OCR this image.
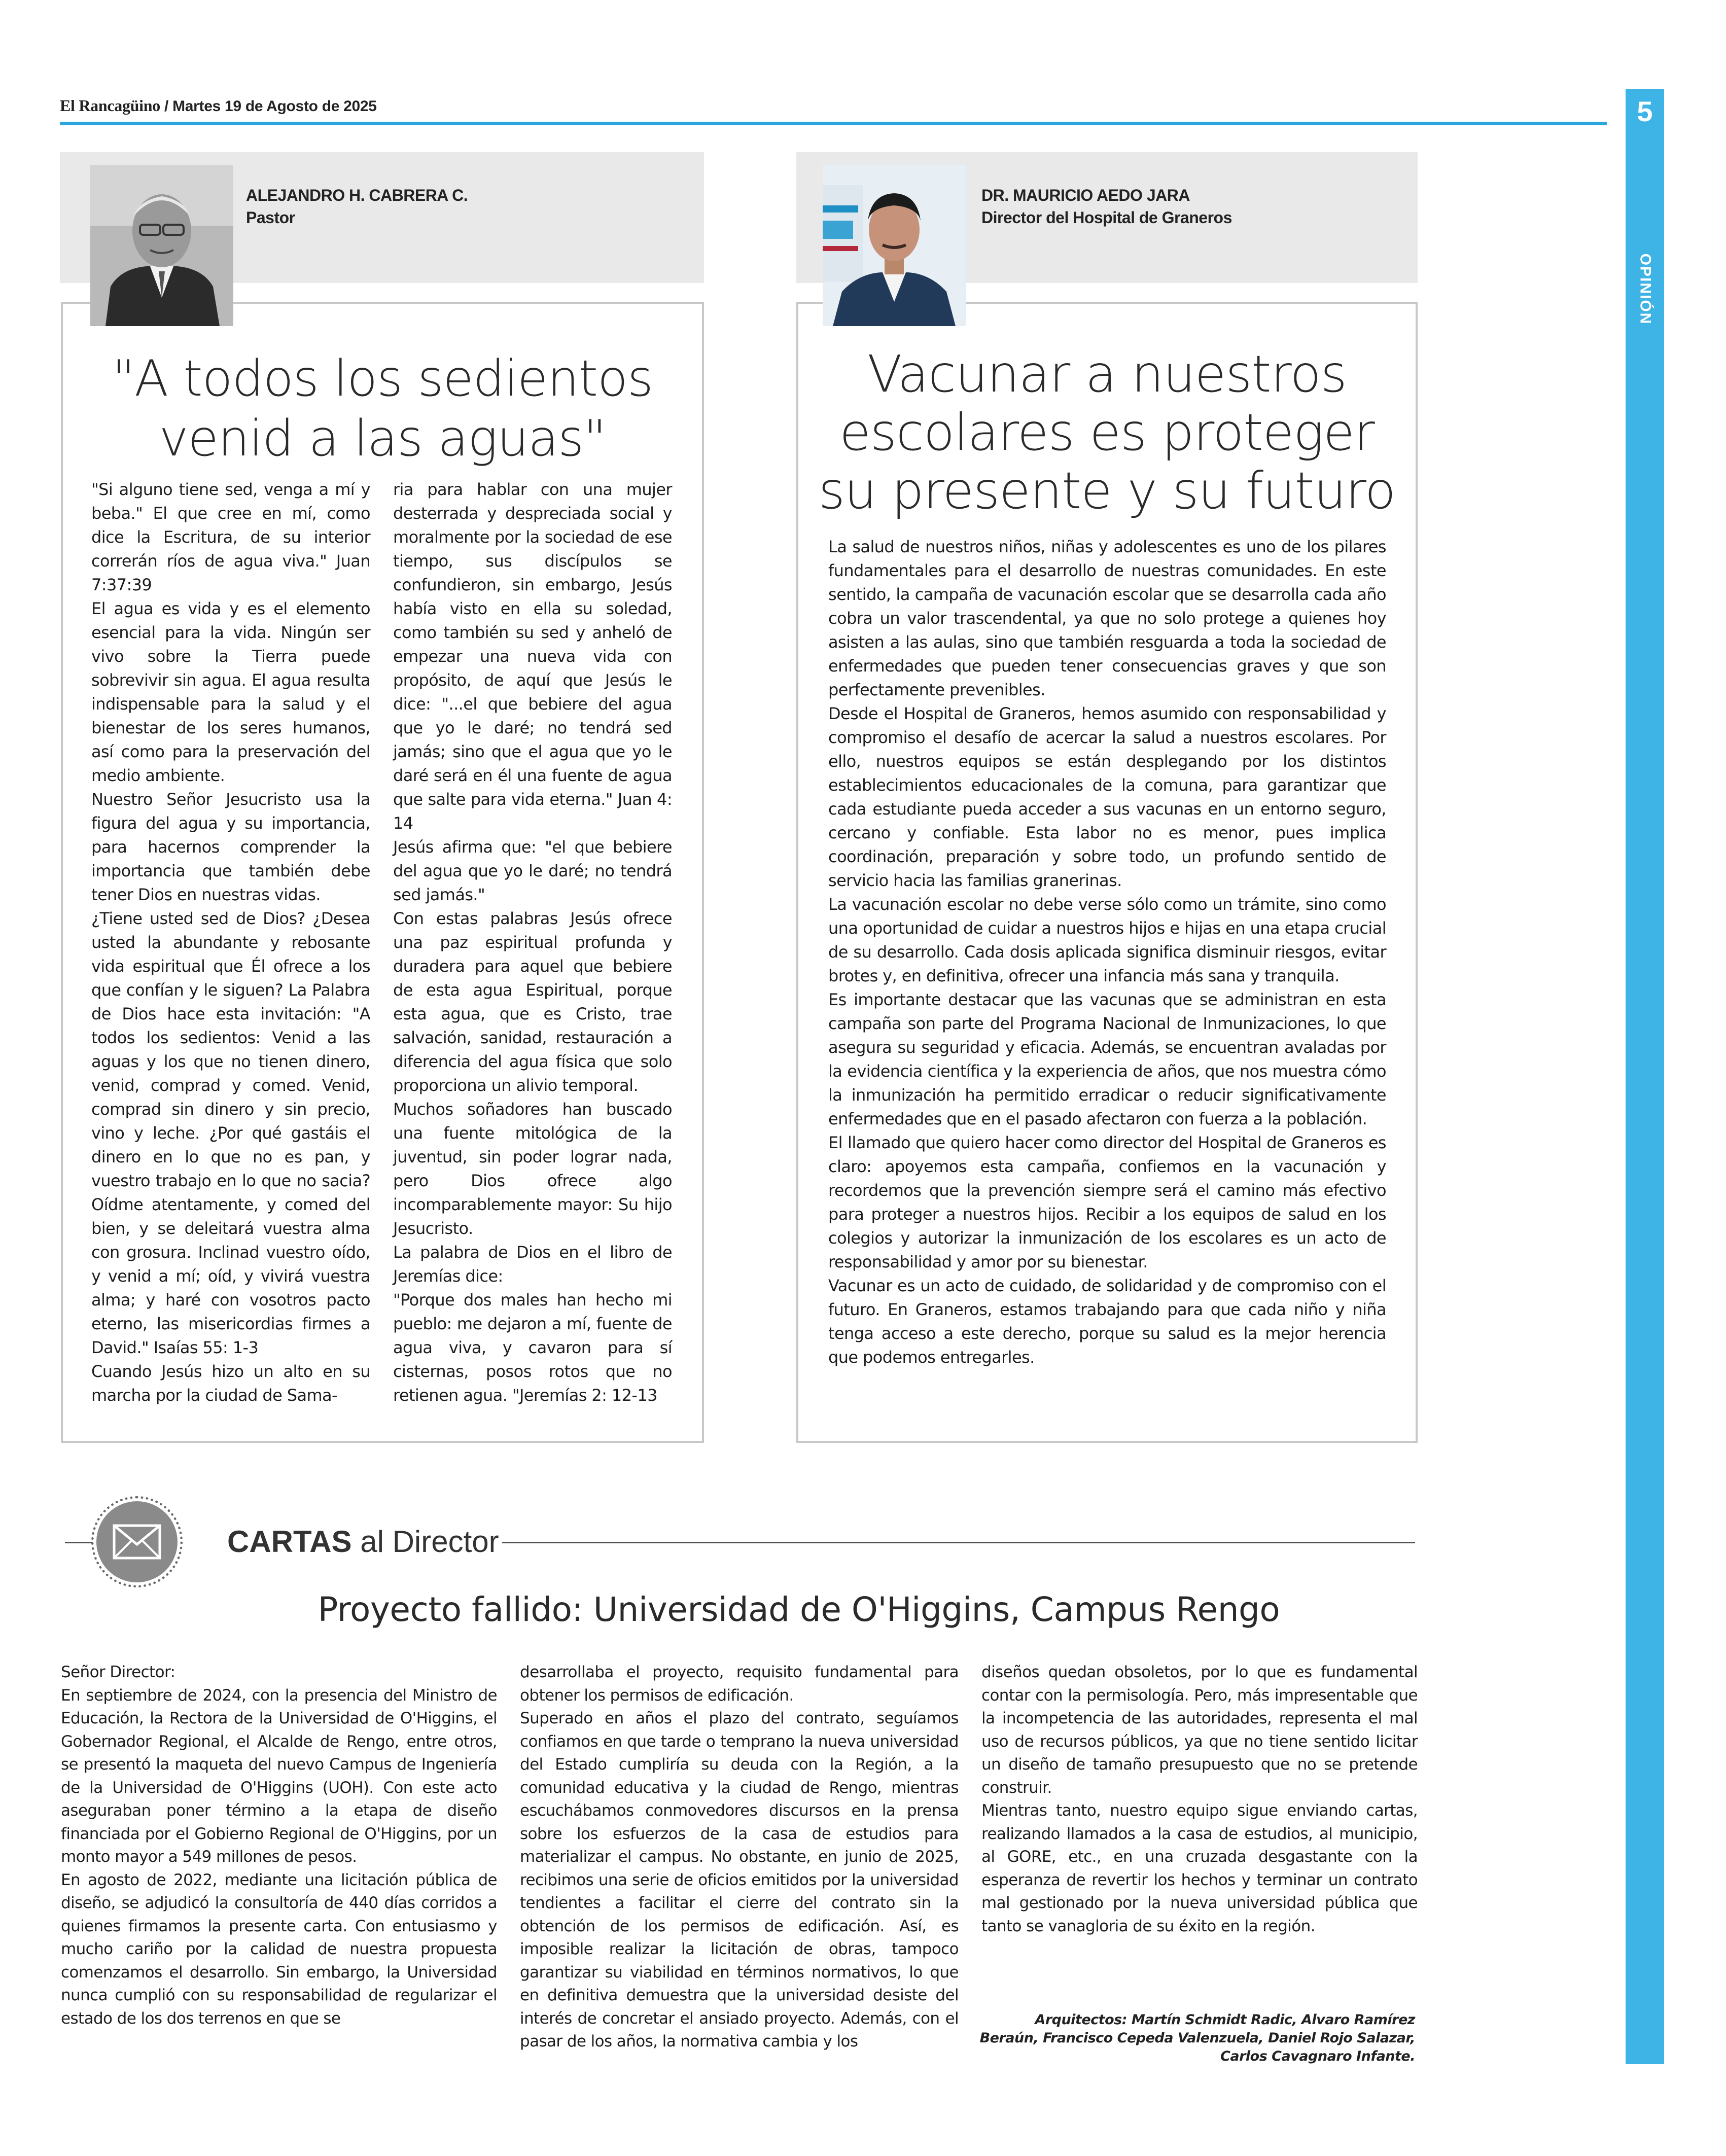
El Rancagüino / Martes 19 de Agosto de 2025	5
OPINIÓN
ALEJANDRO H. CABRERA C.
Pastor
"A todos los sedientos
venid a las aguas"

"Si alguno tiene sed, venga a mí y beba." El que cree en mí, como dice la Escritura, de su interior correrán ríos de agua viva." Juan 7:37:39

El agua es vida y es el elemento esencial para la vida. Ningún ser vivo sobre la Tierra puede sobrevivir sin agua. El agua resulta indispensable para la salud y el bienestar de los seres humanos, así como para la preservación del medio ambiente.

Nuestro Señor Jesucristo usa la figura del agua y su importancia, para hacernos comprender la importancia que también debe tener Dios en nuestras vidas.

¿Tiene usted sed de Dios? ¿Desea usted la abundante y rebosante vida espiritual que Él ofrece a los que confían y le siguen? La Palabra de Dios hace esta invitación: "A todos los sedientos: Venid a las aguas y los que no tienen dinero, venid, comprad y comed. Venid, comprad sin dinero y sin precio, vino y leche. ¿Por qué gastáis el dinero en lo que no es pan, y vuestro trabajo en lo que no sacia? Oídme atentamente, y comed del bien, y se deleitará vuestra alma con grosura. Inclinad vuestro oído, y venid a mí; oíd, y vivirá vuestra alma; y haré con vosotros pacto eterno, las misericordias firmes a David." Isaías 55: 1-3

Cuando Jesús hizo un alto en su marcha por la ciudad de Sama-

ria para hablar con una mujer desterrada y despreciada social y moralmente por la sociedad de ese tiempo, sus discípulos se confundieron, sin embargo, Jesús había visto en ella su soledad, como también su sed y anheló de empezar una nueva vida con propósito, de aquí que Jesús le dice: "...el que bebiere del agua que yo le daré; no tendrá sed jamás; sino que el agua que yo le daré será en él una fuente de agua que salte para vida eterna." Juan 4: 14

Jesús afirma que: "el que bebiere del agua que yo le daré; no tendrá sed jamás."

Con estas palabras Jesús ofrece una paz espiritual profunda y duradera para aquel que bebiere de esta agua Espiritual, porque esta agua, que es Cristo, trae salvación, sanidad, restauración a diferencia del agua física que solo proporciona un alivio temporal.

Muchos soñadores han buscado una fuente mitológica de la juventud, sin poder lograr nada, pero Dios ofrece algo incomparablemente mayor: Su hijo Jesucristo.

La palabra de Dios en el libro de Jeremías dice:

"Porque dos males han hecho mi pueblo: me dejaron a mí, fuente de agua viva, y cavaron para sí cisternas, posos rotos que no retienen agua. "Jeremías 2: 12-13

DR. MAURICIO AEDO JARA
Director del Hospital de Graneros
Vacunar a nuestros
escolares es proteger
su presente y su futuro

La salud de nuestros niños, niñas y adolescentes es uno de los pilares fundamentales para el desarrollo de nuestras comunidades. En este sentido, la campaña de vacunación escolar que se desarrolla cada año cobra un valor trascendental, ya que no solo protege a quienes hoy asisten a las aulas, sino que también resguarda a toda la sociedad de enfermedades que pueden tener consecuencias graves y que son perfectamente prevenibles.

Desde el Hospital de Graneros, hemos asumido con responsabilidad y compromiso el desafío de acercar la salud a nuestros escolares. Por ello, nuestros equipos se están desplegando por los distintos establecimientos educacionales de la comuna, para garantizar que cada estudiante pueda acceder a sus vacunas en un entorno seguro, cercano y confiable. Esta labor no es menor, pues implica coordinación, preparación y sobre todo, un profundo sentido de servicio hacia las familias granerinas.

La vacunación escolar no debe verse sólo como un trámite, sino como una oportunidad de cuidar a nuestros hijos e hijas en una etapa crucial de su desarrollo. Cada dosis aplicada significa disminuir riesgos, evitar brotes y, en definitiva, ofrecer una infancia más sana y tranquila.

Es importante destacar que las vacunas que se administran en esta campaña son parte del Programa Nacional de Inmunizaciones, lo que asegura su seguridad y eficacia. Además, se encuentran avaladas por la evidencia científica y la experiencia de años, que nos muestra cómo la inmunización ha permitido erradicar o reducir significativamente enfermedades que en el pasado afectaron con fuerza a la población.

El llamado que quiero hacer como director del Hospital de Graneros es claro: apoyemos esta campaña, confiemos en la vacunación y recordemos que la prevención siempre será el camino más efectivo para proteger a nuestros hijos. Recibir a los equipos de salud en los colegios y autorizar la inmunización de los escolares es un acto de responsabilidad y amor por su bienestar.

Vacunar es un acto de cuidado, de solidaridad y de compromiso con el futuro. En Graneros, estamos trabajando para que cada niño y niña tenga acceso a este derecho, porque su salud es la mejor herencia que podemos entregarles.

CARTAS al Director
Proyecto fallido: Universidad de O'Higgins, Campus Rengo

Señor Director:

En septiembre de 2024, con la presencia del Ministro de Educación, la Rectora de la Universidad de O'Higgins, el Gobernador Regional, el Alcalde de Rengo, entre otros, se presentó la maqueta del nuevo Campus de Ingeniería de la Universidad de O'Higgins (UOH). Con este acto aseguraban poner término a la etapa de diseño financiada por el Gobierno Regional de O'Higgins, por un monto mayor a 549 millones de pesos.

En agosto de 2022, mediante una licitación pública de diseño, se adjudicó la consultoría de 440 días corridos a quienes firmamos la presente carta. Con entusiasmo y mucho cariño por la calidad de nuestra propuesta comenzamos el desarrollo. Sin embargo, la Universidad nunca cumplió con su responsabilidad de regularizar el estado de los dos terrenos en que se

desarrollaba el proyecto, requisito fundamental para obtener los permisos de edificación.

Superado en años el plazo del contrato, seguíamos confiamos en que tarde o temprano la nueva universidad del Estado cumpliría su deuda con la Región, a la comunidad educativa y la ciudad de Rengo, mientras escuchábamos conmovedores discursos en la prensa sobre los esfuerzos de la casa de estudios para materializar el campus. No obstante, en junio de 2025, recibimos una serie de oficios emitidos por la universidad tendientes a facilitar el cierre del contrato sin la obtención de los permisos de edificación. Así, es imposible realizar la licitación de obras, tampoco garantizar su viabilidad en términos normativos, lo que en definitiva demuestra que la universidad desiste del interés de concretar el ansiado proyecto. Además, con el pasar de los años, la normativa cambia y los

diseños quedan obsoletos, por lo que es fundamental contar con la permisología. Pero, más impresentable que la incompetencia de las autoridades, representa el mal uso de recursos públicos, ya que no tiene sentido licitar un diseño de tamaño presupuesto que no se pretende construir.

Mientras tanto, nuestro equipo sigue enviando cartas, realizando llamados a la casa de estudios, al municipio, al GORE, etc., en una cruzada desgastante con la esperanza de revertir los hechos y terminar un contrato mal gestionado por la nueva universidad pública que tanto se vanagloria de su éxito en la región.

Arquitectos: Martín Schmidt Radic, Alvaro Ramírez
Beraún, Francisco Cepeda Valenzuela, Daniel Rojo Salazar,
Carlos Cavagnaro Infante.
